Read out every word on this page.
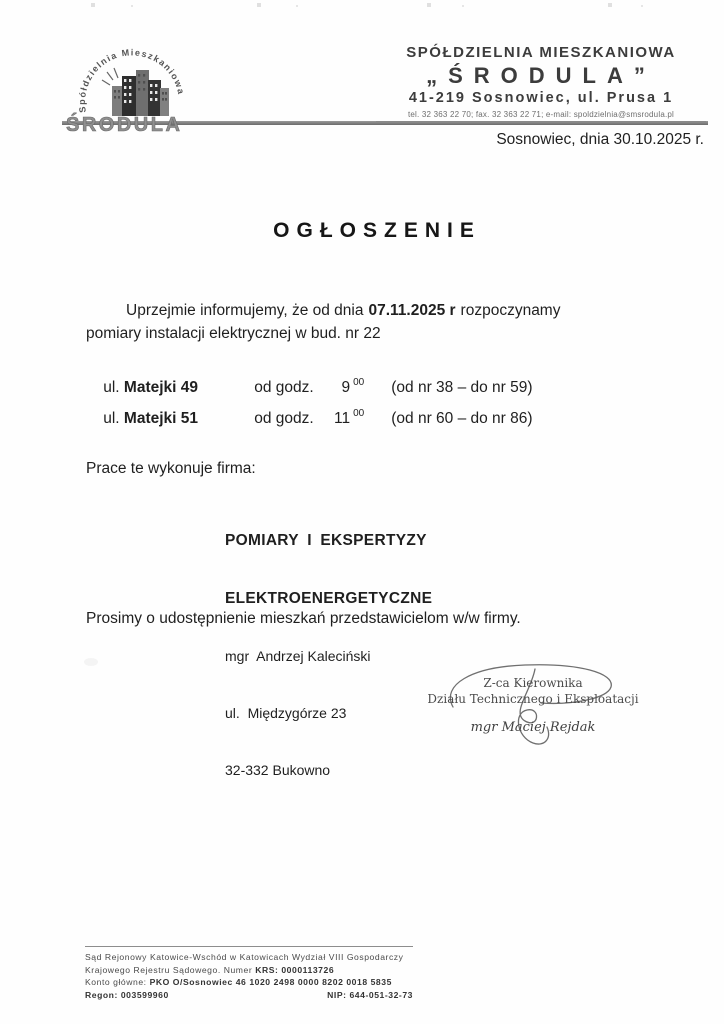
Spółdzielnia Mieszkaniowa
ŚRODULA
SPÓŁDZIELNIA MIESZKANIOWA
„ŚRODULA”
41-219 Sosnowiec, ul. Prusa 1
tel. 32 363 22 70; fax. 32 363 22 71; e-mail: spoldzielnia@smsrodula.pl
Sosnowiec, dnia 30.10.2025 r.
OGŁOSZENIE
Uprzejmie informujemy, że od dnia 07.11.2025 r rozpoczynamy
pomiary instalacji elektrycznej w bud. nr 22

ul. Matejki 49	od godz. 9 $^{00}$ (od nr 38 – do nr 59)

ul. Matejki 51	od godz. 11 $^{00}$ (od nr 60 – do nr 86)

Prace te wykonuje firma:

POMIARY I EKSPERTYZY

ELEKTROENERGETYCZNE

mgr  Andrzej Kaleciński

ul.  Międzygórze 23

32-332 Bukowno

Prosimy o udostępnienie mieszkań przedstawicielom w/w firmy.
Z-ca Kierownika
Działu Technicznego i Eksploatacji
mgr Maciej Rejdak
Sąd Rejonowy Katowice-Wschód w Katowicach Wydział VIII Gospodarczy
Krajowego Rejestru Sądowego. Numer KRS: 0000113726
Konto główne: PKO O/Sosnowiec 46 1020 2498 0000 8202 0018 5835
Regon: 003599960	NIP: 644-051-32-73
